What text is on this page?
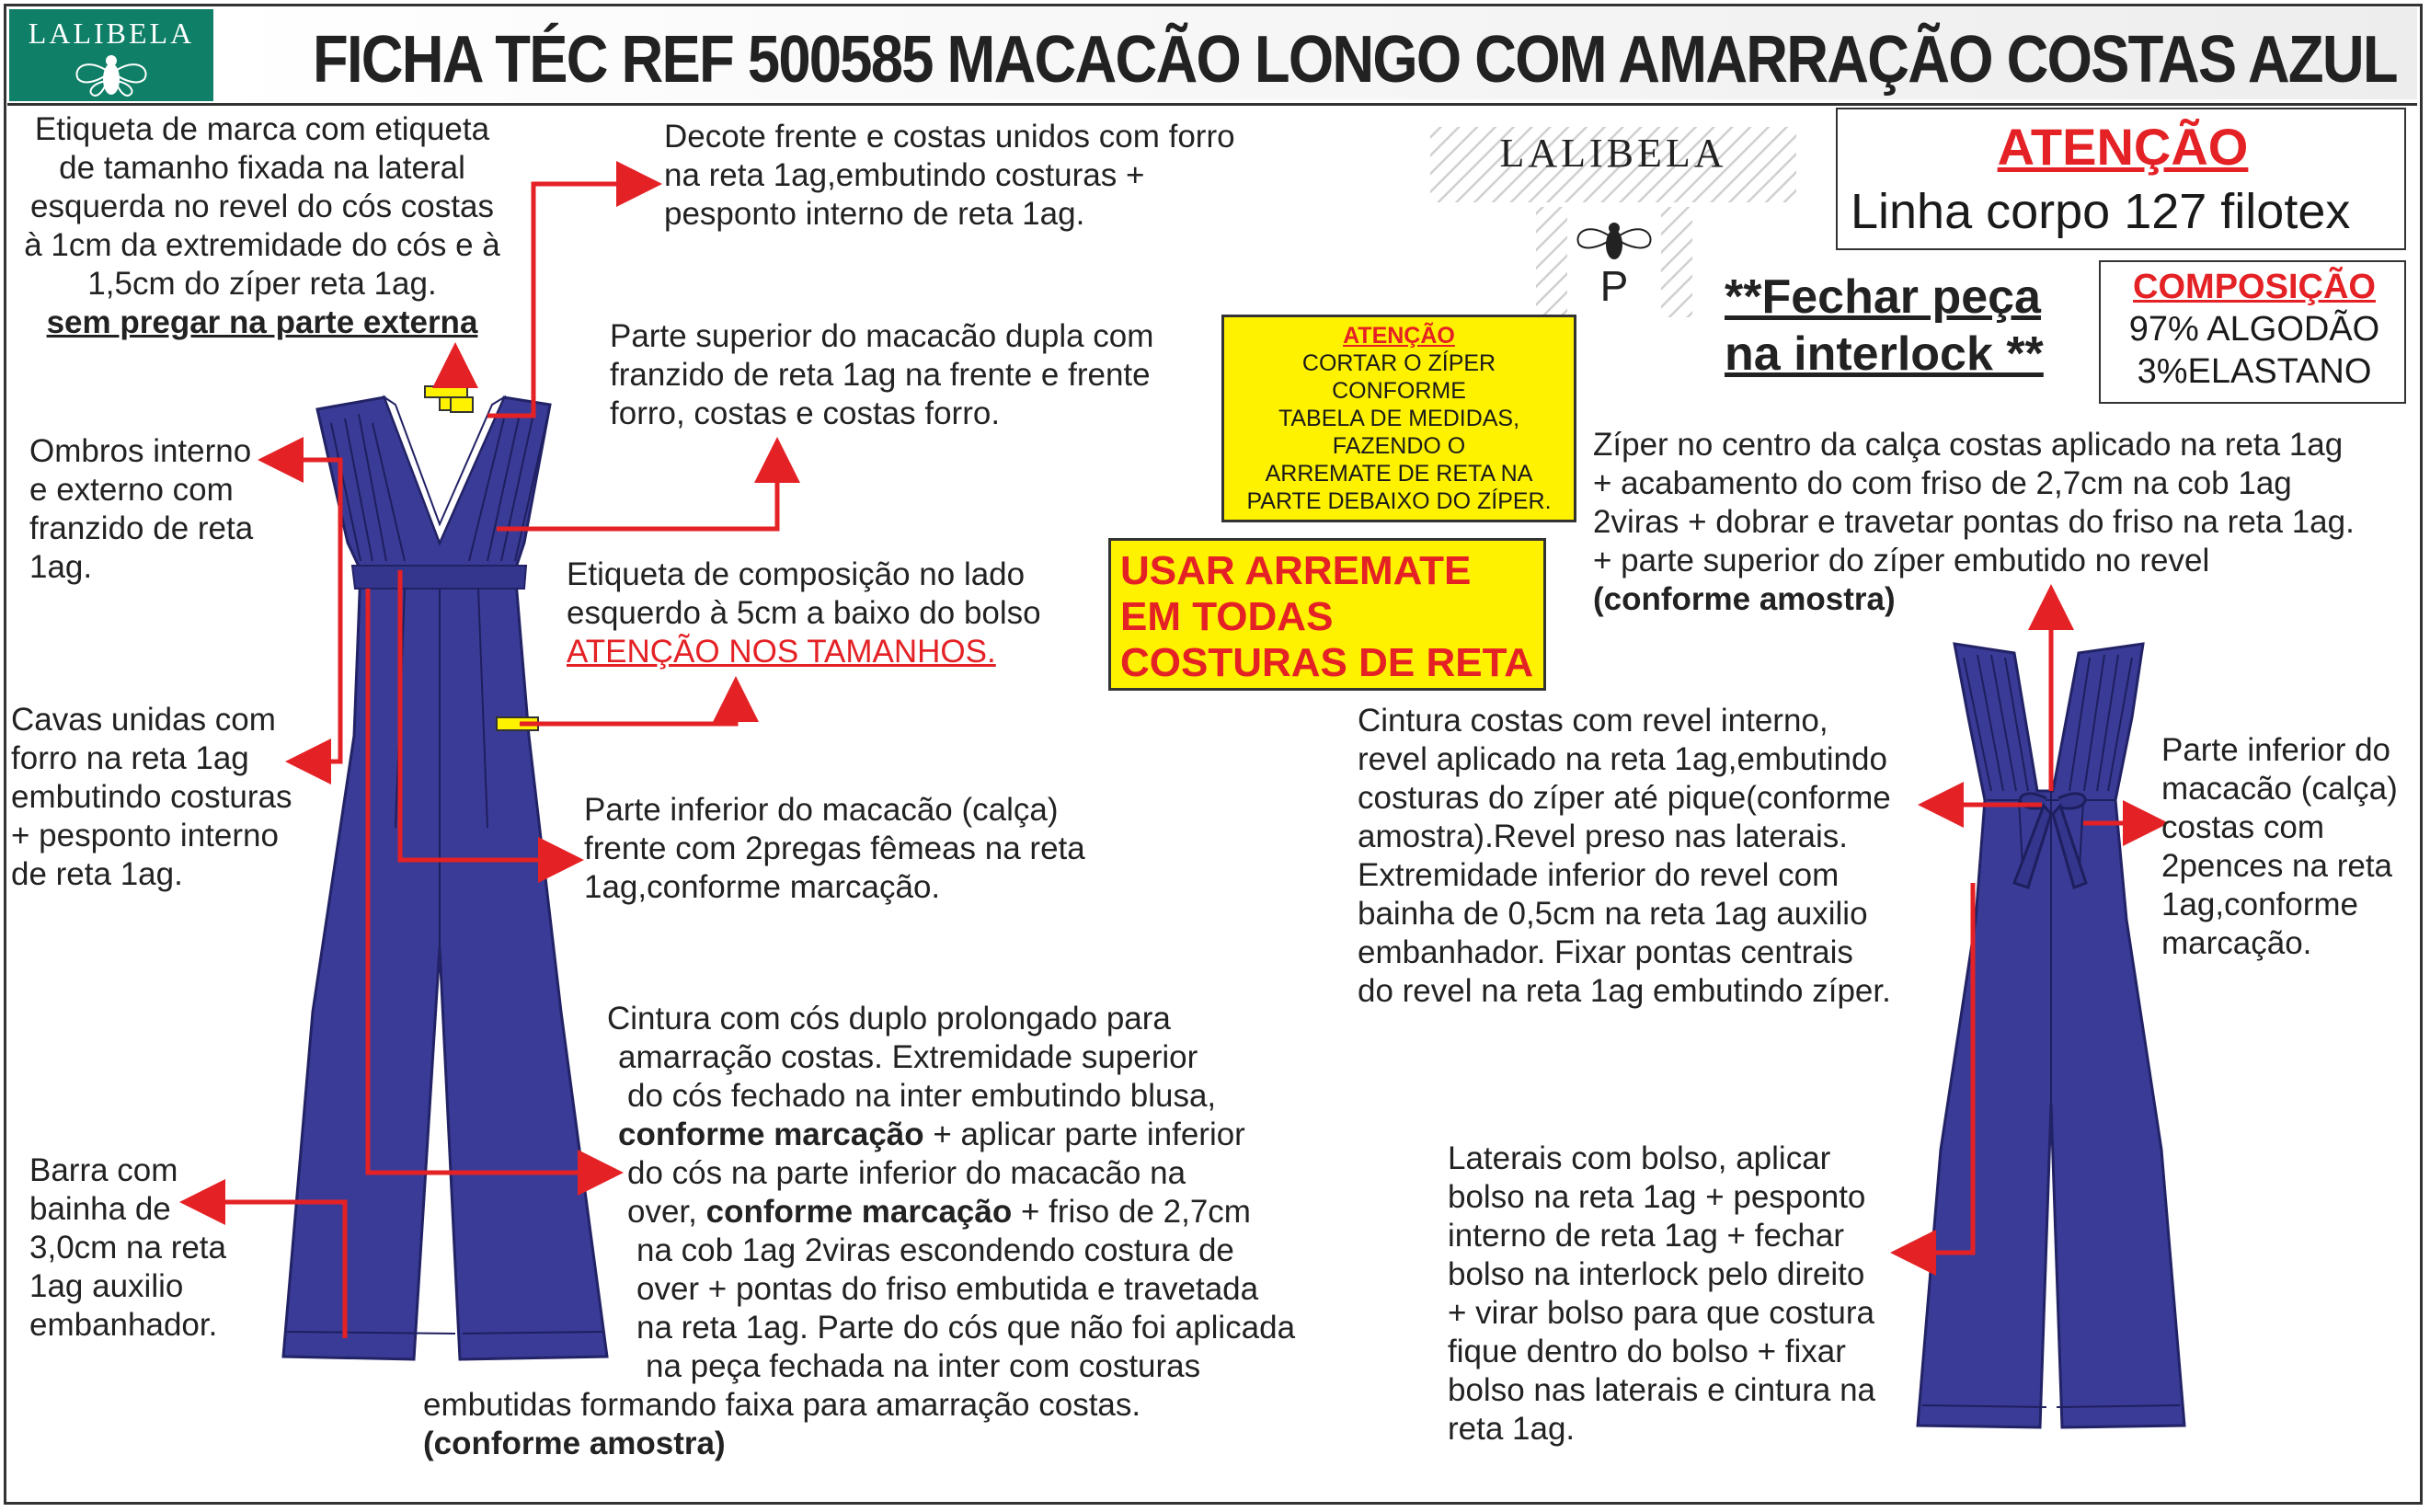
LALIBELA FICHA TÉC REF 500585 MACACÃO LONGO COM AMARRAÇÃO COSTAS AZUL
LALIBELA
P
ATENÇÃO
Linha corpo 127 filotex
**Fechar peça
na interlock **
COMPOSIÇÃO
97% ALGODÃO
3%ELASTANO
ATENÇÃO
CORTAR O ZÍPER
CONFORME
TABELA DE MEDIDAS,
FAZENDO O
ARREMATE DE RETA NA
PARTE DEBAIXO DO ZÍPER.
USAR ARREMATE
EM TODAS
COSTURAS DE RETA
Etiqueta de marca com etiqueta
de tamanho fixada na lateral
esquerda no revel do cós costas
à 1cm da extremidade do cós e à
1,5cm do zíper reta 1ag.
sem pregar na parte externa
Decote frente e costas unidos com forro
na reta 1ag,embutindo costuras +
pesponto interno de reta 1ag.
Parte superior do macacão dupla com
franzido de reta 1ag na frente e frente
forro, costas e costas forro.
Ombros interno
e externo com
franzido de reta
1ag.	Etiqueta de composição no lado
esquerdo à 5cm a baixo do bolso
ATENÇÃO NOS TAMANHOS.
Cavas unidas com
forro na reta 1ag
embutindo costuras
+ pesponto interno
de reta 1ag.
Parte inferior do macacão (calça)
frente com 2pregas fêmeas na reta
1ag,conforme marcação.
Cintura com cós duplo prolongado para
amarração costas. Extremidade superior
do cós fechado na inter embutindo blusa,
conforme marcação + aplicar parte inferior
do cós na parte inferior do macacão na
over, conforme marcação + friso de 2,7cm
na cob 1ag 2viras escondendo costura de
over + pontas do friso embutida e travetada
na reta 1ag. Parte do cós que não foi aplicada
na peça fechada na inter com costuras
embutidas formando faixa para amarração costas.
(conforme amostra)
Barra com
bainha de
3,0cm na reta
1ag auxilio
embanhador.
Zíper no centro da calça costas aplicado na reta 1ag
+ acabamento do com friso de 2,7cm na cob 1ag
2viras + dobrar e travetar pontas do friso na reta 1ag.
+ parte superior do zíper embutido no revel
(conforme amostra)
Cintura costas com revel interno,
revel aplicado na reta 1ag,embutindo
costuras do zíper até pique(conforme
amostra).Revel preso nas laterais.
Extremidade inferior do revel com
bainha de 0,5cm na reta 1ag auxilio
embanhador. Fixar pontas centrais
do revel na reta 1ag embutindo zíper.
Parte inferior do
macacão (calça)
costas com
2pences na reta
1ag,conforme
marcação.
Laterais com bolso, aplicar
bolso na reta 1ag + pesponto
interno de reta 1ag + fechar
bolso na interlock pelo direito
+ virar bolso para que costura
fique dentro do bolso + fixar
bolso nas laterais e cintura na
reta 1ag.
